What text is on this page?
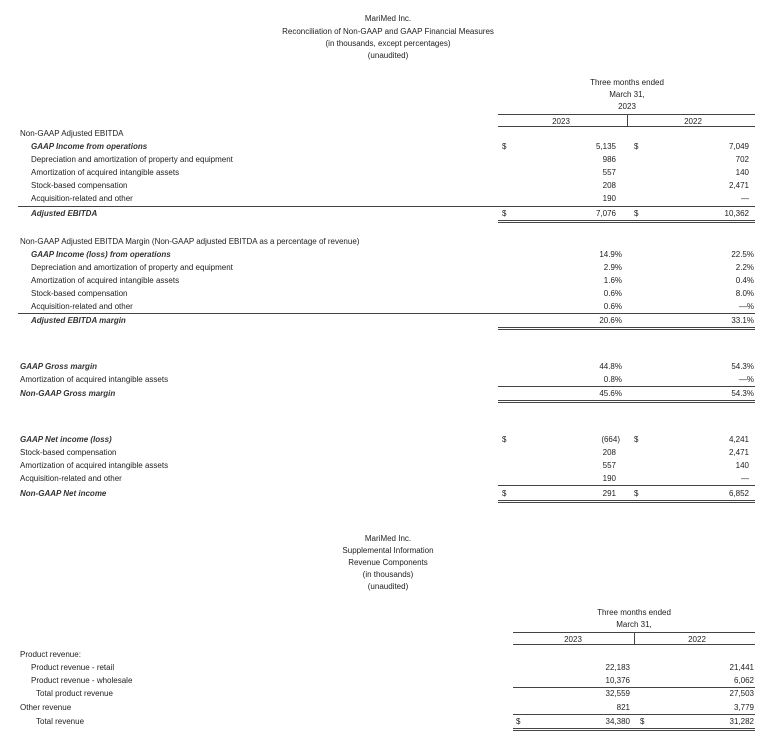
MariMed Inc.
Reconciliation of Non-GAAP and GAAP Financial Measures
(in thousands, except percentages)
(unaudited)
Three months ended
March 31,
2023
2023	2022
Non-GAAP Adjusted EBITDA
GAAP Income from operations	$	5,135 $	7,049
Depreciation and amortization of property and equipment	986	702
Amortization of acquired intangible assets	557	140
Stock-based compensation	208	2,471
Acquisition-related and other	190	—
Adjusted EBITDA	$	7,076 $	10,362
Non-GAAP Adjusted EBITDA Margin (Non-GAAP adjusted EBITDA as a percentage of revenue)
GAAP Income (loss) from operations	14.9%	22.5%
Depreciation and amortization of property and equipment	2.9%	2.2%
Amortization of acquired intangible assets	1.6%	0.4%
Stock-based compensation	0.6%	8.0%
Acquisition-related and other	0.6%	—%
Adjusted EBITDA margin	20.6%	33.1%
GAAP Gross margin	44.8%	54.3%
Amortization of acquired intangible assets	0.8%	—%
Non-GAAP Gross margin	45.6%	54.3%
GAAP Net income (loss)	$	(664) $	4,241
Stock-based compensation	208	2,471
Amortization of acquired intangible assets	557	140
Acquisition-related and other	190	—
Non-GAAP Net income	$	291 $	6,852
MariMed Inc.
Supplemental Information
Revenue Components
(in thousands)
(unaudited)
Three months ended
March 31,
2023	2022
Product revenue:
Product revenue - retail	22,183	21,441
Product revenue - wholesale	10,376	6,062
Total product revenue	32,559	27,503
Other revenue	821	3,779
Total revenue	$	34,380 $	31,282
